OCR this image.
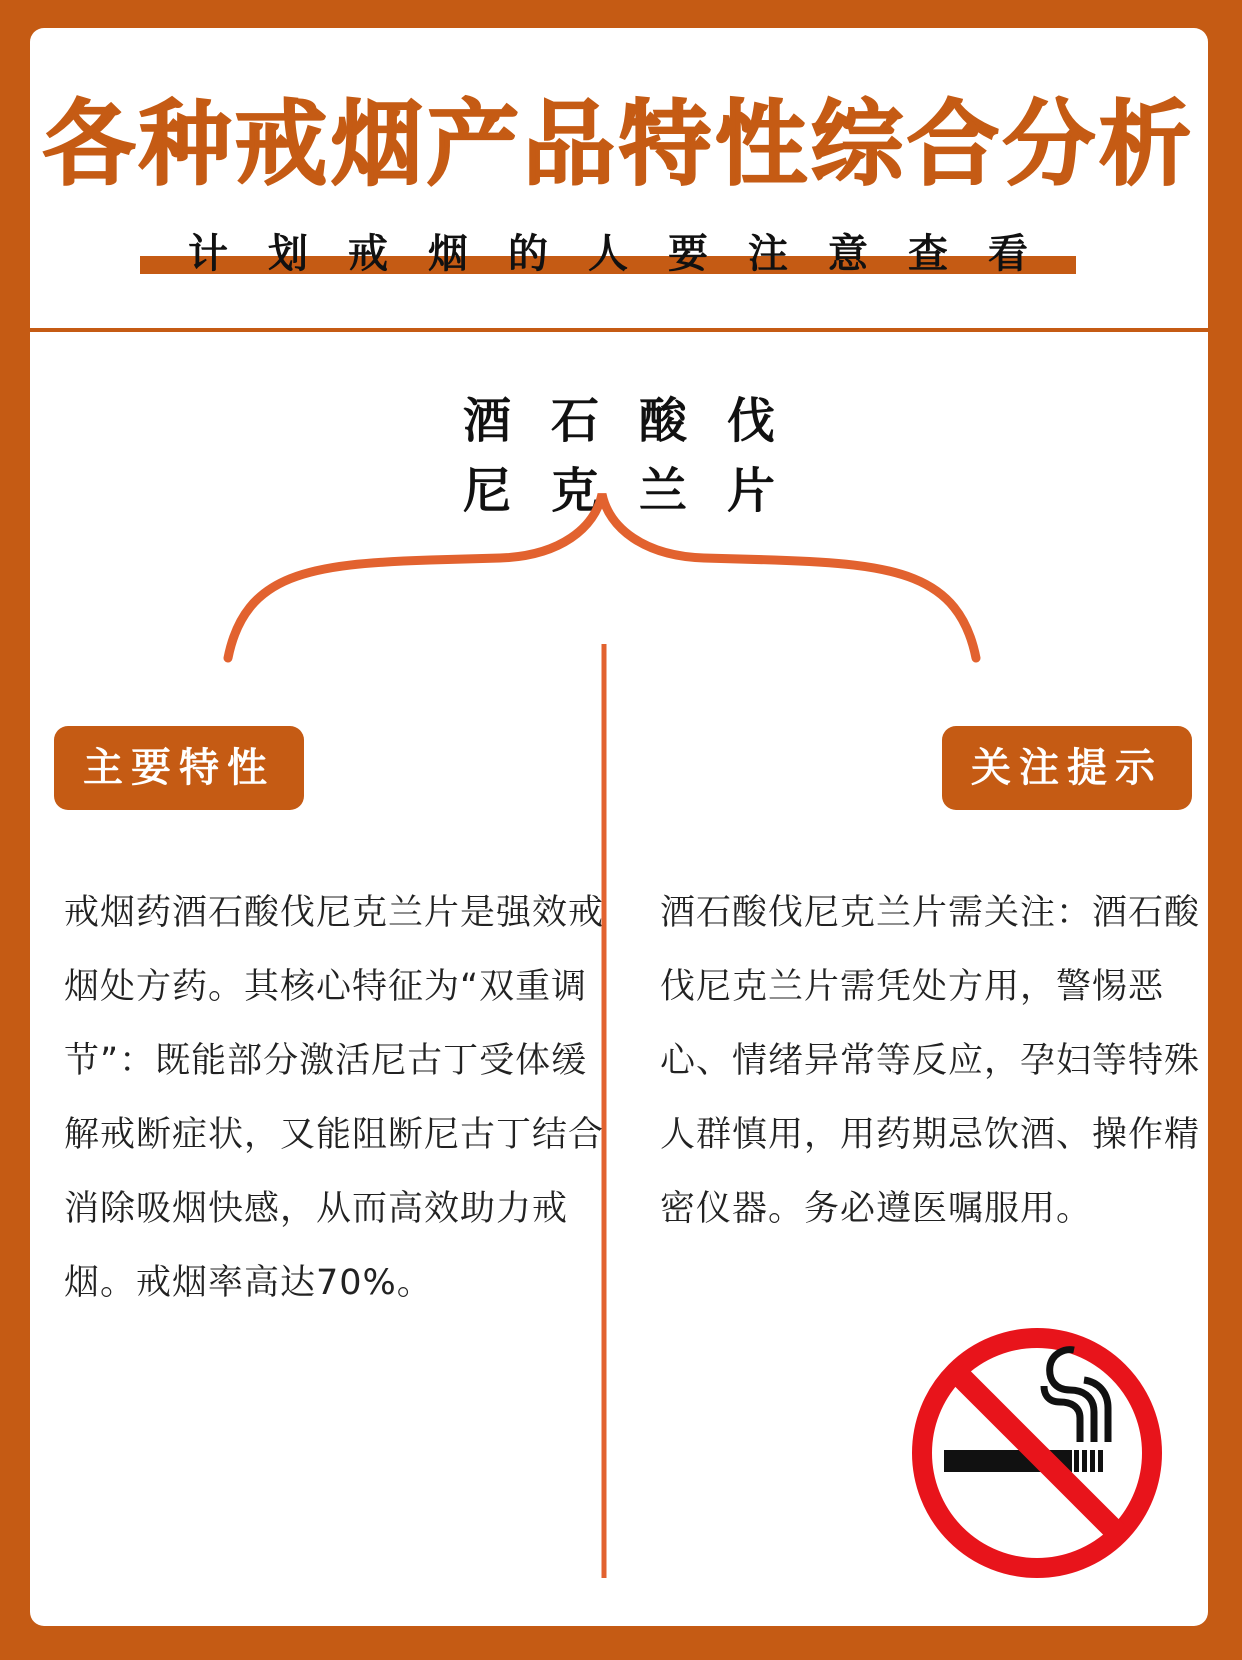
各种戒烟产品特性综合分析
计划戒烟的人要注意查看
酒石酸伐
尼克兰片
主要特性	关注提示
戒烟药酒石酸伐尼克兰片是强效戒烟处方药。其核心特征为“双重调节”：既能部分激活尼古丁受体缓解戒断症状，又能阻断尼古丁结合消除吸烟快感，从而高效助力戒烟。戒烟率高达70%。
酒石酸伐尼克兰片需关注：酒石酸伐尼克兰片需凭处方用，警惕恶心、情绪异常等反应，孕妇等特殊人群慎用，用药期忌饮酒、操作精密仪器。务必遵医嘱服用。
